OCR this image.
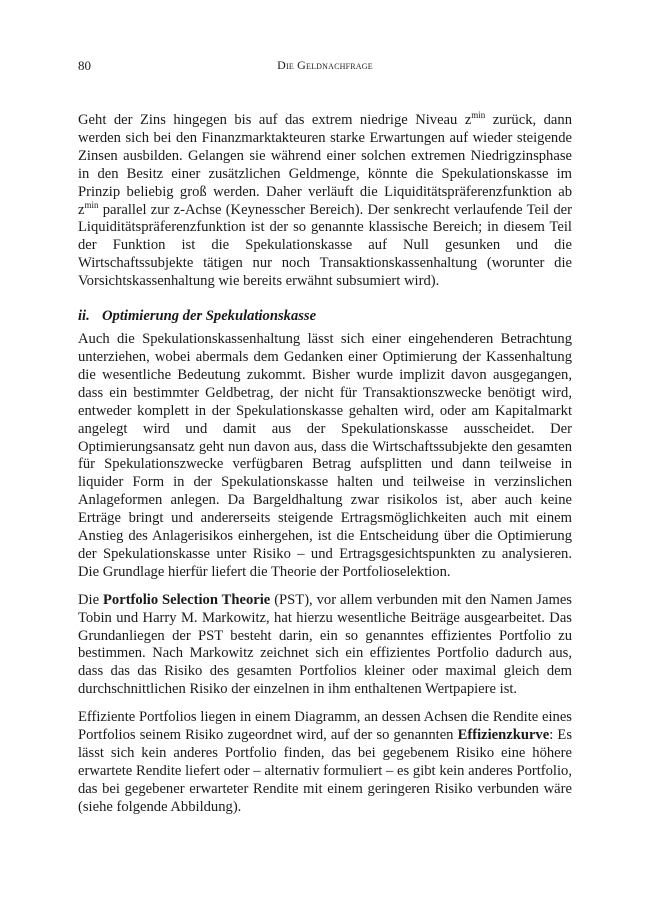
80	Die Geldnachfrage

Geht der Zins hingegen bis auf das extrem niedrige Niveau $z^{min}$ zurück, dann werden sich bei den Finanzmarktakteuren starke Erwartungen auf wieder steigende Zinsen ausbilden. Gelangen sie während einer solchen extremen Niedrigzinsphase in den Besitz einer zusätzlichen Geldmenge, könnte die Spekulationskasse im Prinzip beliebig groß werden. Daher verläuft die Liquiditätspräferenzfunktion ab $z^{min}$ parallel zur z-Achse (Keynesscher Bereich). Der senkrecht verlaufende Teil der Liquiditätspräferenzfunktion ist der so genannte klassische Bereich; in diesem Teil der Funktion ist die Spekulationskasse auf Null gesunken und die Wirtschaftssubjekte tätigen nur noch Transaktionskassenhaltung (worunter die Vorsichtskassenhaltung wie bereits erwähnt subsumiert wird).

ii. Optimierung der Spekulationskasse

Auch die Spekulationskassenhaltung lässt sich einer eingehenderen Betrachtung unterziehen, wobei abermals dem Gedanken einer Optimierung der Kassenhaltung die wesentliche Bedeutung zukommt. Bisher wurde implizit davon ausgegangen, dass ein bestimmter Geldbetrag, der nicht für Transaktionszwecke benötigt wird, entweder komplett in der Spekulationskasse gehalten wird, oder am Kapitalmarkt angelegt wird und damit aus der Spekulationskasse ausscheidet. Der Optimierungsansatz geht nun davon aus, dass die Wirtschaftssubjekte den gesamten für Spekulationszwecke verfügbaren Betrag aufsplitten und dann teilweise in liquider Form in der Spekulationskasse halten und teilweise in verzinslichen Anlageformen anlegen. Da Bargeldhaltung zwar risikolos ist, aber auch keine Erträge bringt und andererseits steigende Ertragsmöglichkeiten auch mit einem Anstieg des Anlagerisikos einhergehen, ist die Entscheidung über die Optimierung der Spekulationskasse unter Risiko – und Ertragsgesichtspunkten zu analysieren. Die Grundlage hierfür liefert die Theorie der Portfolioselektion.

Die Portfolio Selection Theorie (PST), vor allem verbunden mit den Namen James Tobin und Harry M. Markowitz, hat hierzu wesentliche Beiträge ausgearbeitet. Das Grundanliegen der PST besteht darin, ein so genanntes effizientes Portfolio zu bestimmen. Nach Markowitz zeichnet sich ein effizientes Portfolio dadurch aus, dass das das Risiko des gesamten Portfolios kleiner oder maximal gleich dem durchschnittlichen Risiko der einzelnen in ihm enthaltenen Wertpapiere ist.

Effiziente Portfolios liegen in einem Diagramm, an dessen Achsen die Rendite eines Portfolios seinem Risiko zugeordnet wird, auf der so genannten Effizienzkurve: Es lässt sich kein anderes Portfolio finden, das bei gegebenem Risiko eine höhere erwartete Rendite liefert oder – alternativ formuliert – es gibt kein anderes Portfolio, das bei gegebener erwarteter Rendite mit einem geringeren Risiko verbunden wäre (siehe folgende Abbildung).
